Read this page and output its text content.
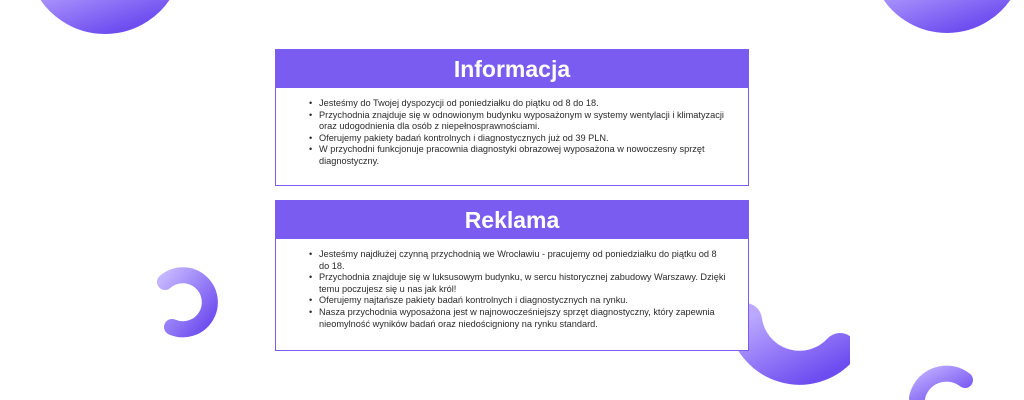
Informacja
• Jesteśmy do Twojej dyspozycji od poniedziałku do piątku od 8 do 18.
• Przychodnia znajduje się w odnowionym budynku wyposażonym w systemy wentylacji i klimatyzacji oraz udogodnienia dla osób z niepełnosprawnościami.
• Oferujemy pakiety badań kontrolnych i diagnostycznych już od 39 PLN.
• W przychodni funkcjonuje pracownia diagnostyki obrazowej wyposażona w nowoczesny sprzęt diagnostyczny.
Reklama
• Jesteśmy najdłużej czynną przychodnią we Wrocławiu - pracujemy od poniedziałku do piątku od 8 do 18.
• Przychodnia znajduje się w luksusowym budynku, w sercu historycznej zabudowy Warszawy. Dzięki temu poczujesz się u nas jak król!
• Oferujemy najtańsze pakiety badań kontrolnych i diagnostycznych na rynku.
• Nasza przychodnia wyposażona jest w najnowocześniejszy sprzęt diagnostyczny, który zapewnia nieomylność wyników badań oraz niedościgniony na rynku standard.
